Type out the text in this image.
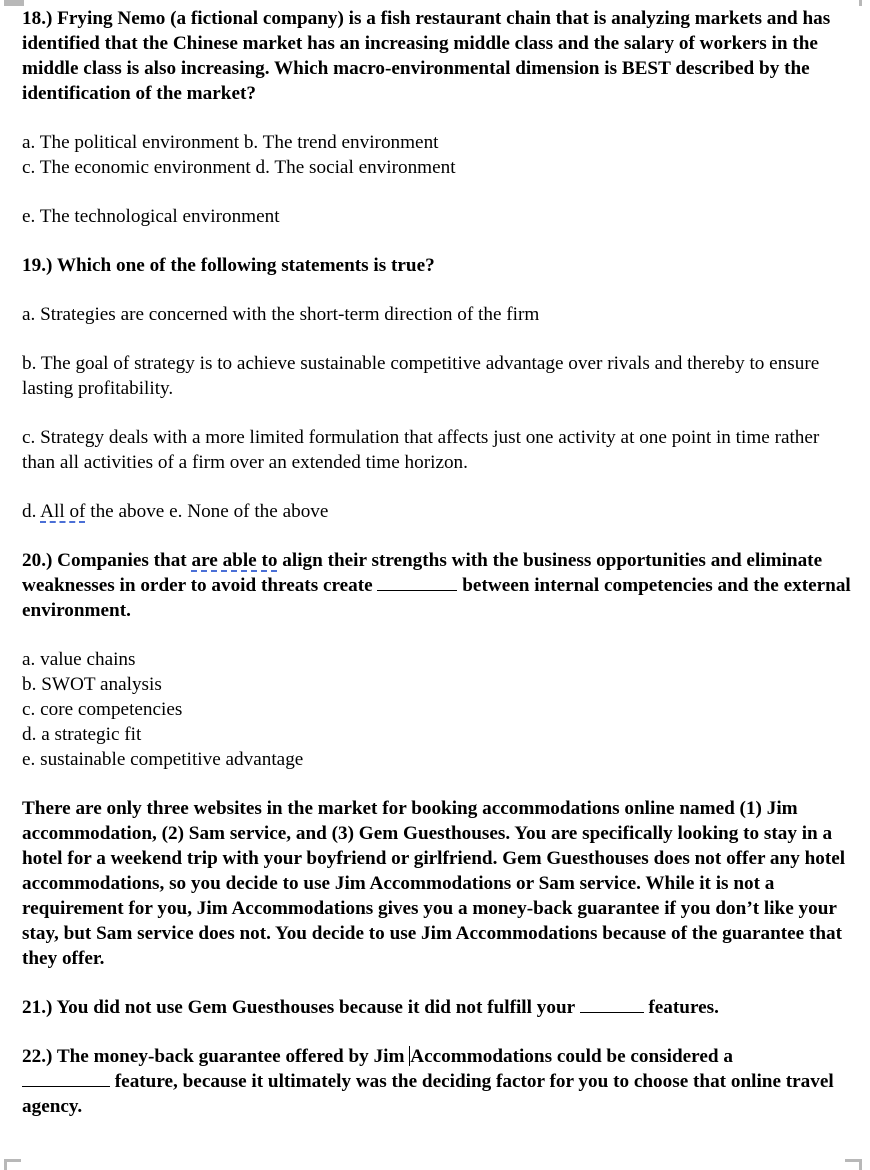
18.) Frying Nemo (a fictional company) is a fish restaurant chain that is analyzing markets and has identified that the Chinese market has an increasing middle class and the salary of workers in the middle class is also increasing. Which macro-environmental dimension is BEST described by the identification of the market?

a. The political environment b. The trend environment

c. The economic environment d. The social environment

e. The technological environment

19.) Which one of the following statements is true?

a. Strategies are concerned with the short-term direction of the firm

b. The goal of strategy is to achieve sustainable competitive advantage over rivals and thereby to ensure lasting profitability.

c. Strategy deals with a more limited formulation that affects just one activity at one point in time rather than all activities of a firm over an extended time horizon.

d. All of the above e. None of the above

20.) Companies that are able to align their strengths with the business opportunities and eliminate weaknesses in order to avoid threats create	between internal competencies and the external environment.

a. value chains

b. SWOT analysis

c. core competencies

d. a strategic fit

e. sustainable competitive advantage

There are only three websites in the market for booking accommodations online named (1) Jim accommodation, (2) Sam service, and (3) Gem Guesthouses. You are specifically looking to stay in a hotel for a weekend trip with your boyfriend or girlfriend. Gem Guesthouses does not offer any hotel accommodations, so you decide to use Jim Accommodations or Sam service. While it is not a requirement for you, Jim Accommodations gives you a money-back guarantee if you don’t like your stay, but Sam service does not. You decide to use Jim Accommodations because of the guarantee that they offer.

21.) You did not use Gem Guesthouses because it did not fulfill your	features.

22.) The money-back guarantee offered by Jim Accommodations could be considered a
feature, because it ultimately was the deciding factor for you to choose that online travel agency.
